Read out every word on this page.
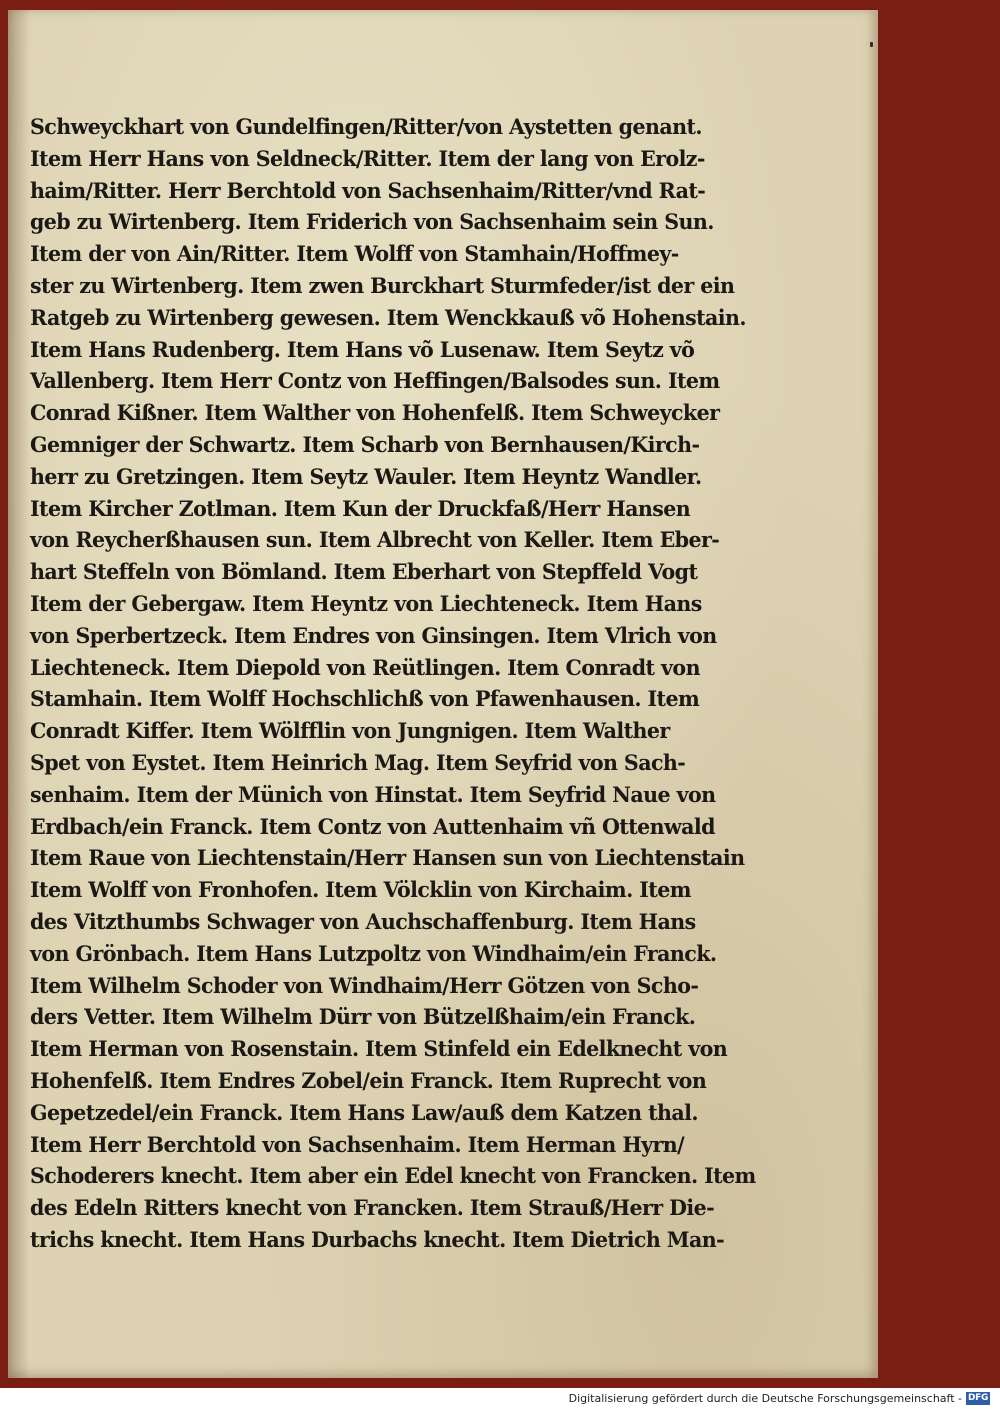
Schweyckhart von Gundelfingen/Ritter/von Aystetten genant.
Item Herr Hans von Seldneck/Ritter. Item der lang von Erolz-
haim/Ritter. Herr Berchtold von Sachsenhaim/Ritter/vnd Rat-
geb zu Wirtenberg. Item Friderich von Sachsenhaim sein Sun.
Item der von Ain/Ritter. Item Wolff von Stamhain/Hoffmey-
ster zu Wirtenberg. Item zwen Burckhart Sturmfeder/ist der ein
Ratgeb zu Wirtenberg gewesen. Item Wenckkauß võ Hohenstain.
Item Hans Rudenberg. Item Hans võ Lusenaw. Item Seytz võ
Vallenberg. Item Herr Contz von Heffingen/Balsodes sun. Item
Conrad Kißner. Item Walther von Hohenfelß. Item Schweycker
Gemniger der Schwartz. Item Scharb von Bernhausen/Kirch-
herr zu Gretzingen. Item Seytz Wauler. Item Heyntz Wandler.
Item Kircher Zotlman. Item Kun der Druckfaß/Herr Hansen
von Reycherßhausen sun. Item Albrecht von Keller. Item Eber-
hart Steffeln von Bömland. Item Eberhart von Stepffeld Vogt
Item der Gebergaw. Item Heyntz von Liechteneck. Item Hans
von Sperbertzeck. Item Endres von Ginsingen. Item Vlrich von
Liechteneck. Item Diepold von Reütlingen. Item Conradt von
Stamhain. Item Wolff Hochschlichß von Pfawenhausen. Item
Conradt Kiffer. Item Wölfflin von Jungnigen. Item Walther
Spet von Eystet. Item Heinrich Mag. Item Seyfrid von Sach-
senhaim. Item der Münich von Hinstat. Item Seyfrid Naue von
Erdbach/ein Franck. Item Contz von Auttenhaim vñ Ottenwald
Item Raue von Liechtenstain/Herr Hansen sun von Liechtenstain
Item Wolff von Fronhofen. Item Völcklin von Kirchaim. Item
des Vitzthumbs Schwager von Auchschaffenburg. Item Hans
von Grönbach. Item Hans Lutzpoltz von Windhaim/ein Franck.
Item Wilhelm Schoder von Windhaim/Herr Götzen von Scho-
ders Vetter. Item Wilhelm Dürr von Bützelßhaim/ein Franck.
Item Herman von Rosenstain. Item Stinfeld ein Edelknecht von
Hohenfelß. Item Endres Zobel/ein Franck. Item Ruprecht von
Gepetzedel/ein Franck. Item Hans Law/auß dem Katzen thal.
Item Herr Berchtold von Sachsenhaim. Item Herman Hyrn/
Schoderers knecht. Item aber ein Edel knecht von Francken. Item
des Edeln Ritters knecht von Francken. Item Strauß/Herr Die-
trichs knecht. Item Hans Durbachs knecht. Item Dietrich Man-
Digitalisierung gefördert durch die Deutsche Forschungsgemeinschaft - DFG
